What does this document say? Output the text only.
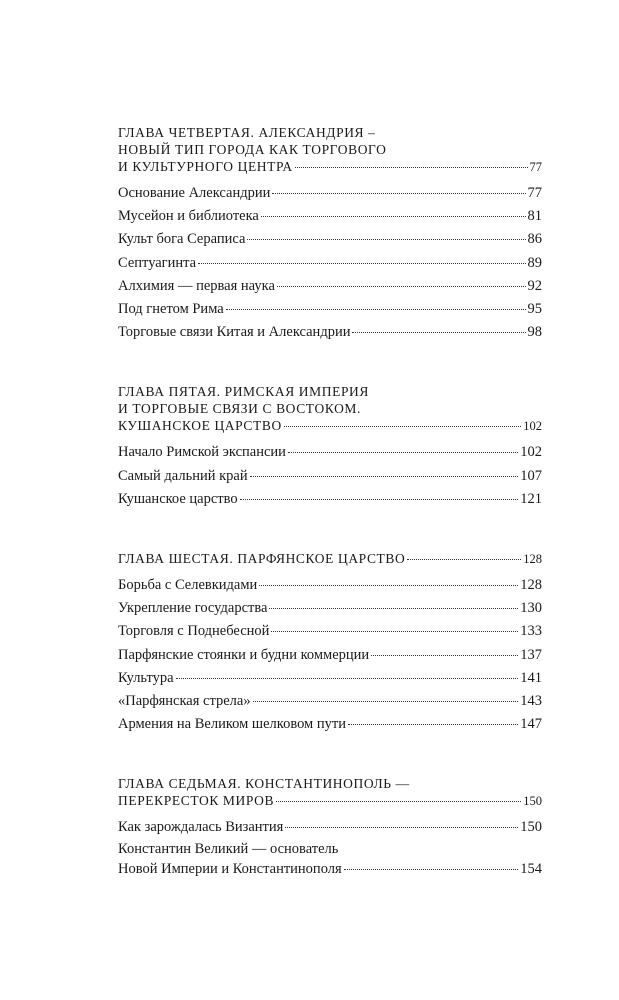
ГЛАВА ЧЕТВЕРТАЯ. АЛЕКСАНДРИЯ –
НОВЫЙ ТИП ГОРОДА КАК ТОРГОВОГО
И КУЛЬТУРНОГО ЦЕНТРА	77
Основание Александрии	77
Мусейон и библиотека	81
Культ бога Сераписа	86
Септуагинта	89
Алхимия — первая наука	92
Под гнетом Рима	95
Торговые связи Китая и Александрии	98
ГЛАВА ПЯТАЯ. РИМСКАЯ ИМПЕРИЯ
И ТОРГОВЫЕ СВЯЗИ С ВОСТОКОМ.
КУШАНСКОЕ ЦАРСТВО	102
Начало Римской экспансии	102
Самый дальний край	107
Кушанское царство	121
ГЛАВА ШЕСТАЯ. ПАРФЯНСКОЕ ЦАРСТВО	128
Борьба с Селевкидами	128
Укрепление государства	130
Торговля с Поднебесной	133
Парфянские стоянки и будни коммерции	137
Культура	141
«Парфянская стрела»	143
Армения на Великом шелковом пути	147
ГЛАВА СЕДЬМАЯ. КОНСТАНТИНОПОЛЬ —
ПЕРЕКРЕСТОК МИРОВ	150
Как зарождалась Византия	150
Константин Великий — основатель
Новой Империи и Константинополя	154
